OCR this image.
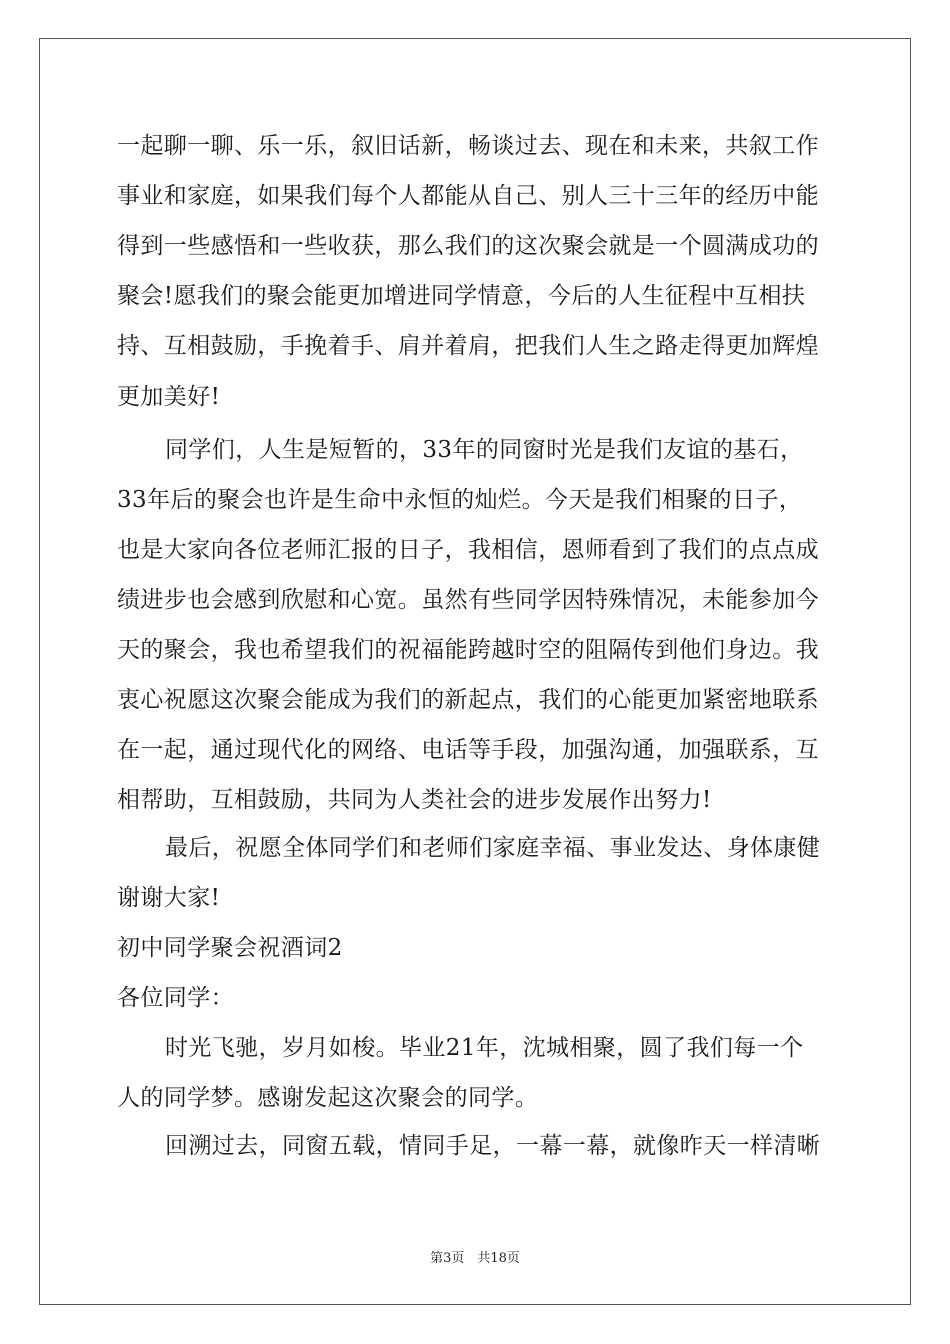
一起聊一聊、乐一乐，叙旧话新，畅谈过去、现在和未来，共叙工作
事业和家庭，如果我们每个人都能从自己、别人三十三年的经历中能
得到一些感悟和一些收获，那么我们的这次聚会就是一个圆满成功的
聚会!愿我们的聚会能更加增进同学情意，今后的人生征程中互相扶
持、互相鼓励，手挽着手、肩并着肩，把我们人生之路走得更加辉煌
更加美好!
同学们，人生是短暂的，33年的同窗时光是我们友谊的基石，
33年后的聚会也许是生命中永恒的灿烂。今天是我们相聚的日子，
也是大家向各位老师汇报的日子，我相信，恩师看到了我们的点点成
绩进步也会感到欣慰和心宽。虽然有些同学因特殊情况，未能参加今
天的聚会，我也希望我们的祝福能跨越时空的阻隔传到他们身边。我
衷心祝愿这次聚会能成为我们的新起点，我们的心能更加紧密地联系
在一起，通过现代化的网络、电话等手段，加强沟通，加强联系，互
相帮助，互相鼓励，共同为人类社会的进步发展作出努力!
最后，祝愿全体同学们和老师们家庭幸福、事业发达、身体康健
谢谢大家!
初中同学聚会祝酒词2
各位同学：
时光飞驰，岁月如梭。毕业21年，沈城相聚，圆了我们每一个
人的同学梦。感谢发起这次聚会的同学。
回溯过去，同窗五载，情同手足，一幕一幕，就像昨天一样清晰
第3页　共18页
